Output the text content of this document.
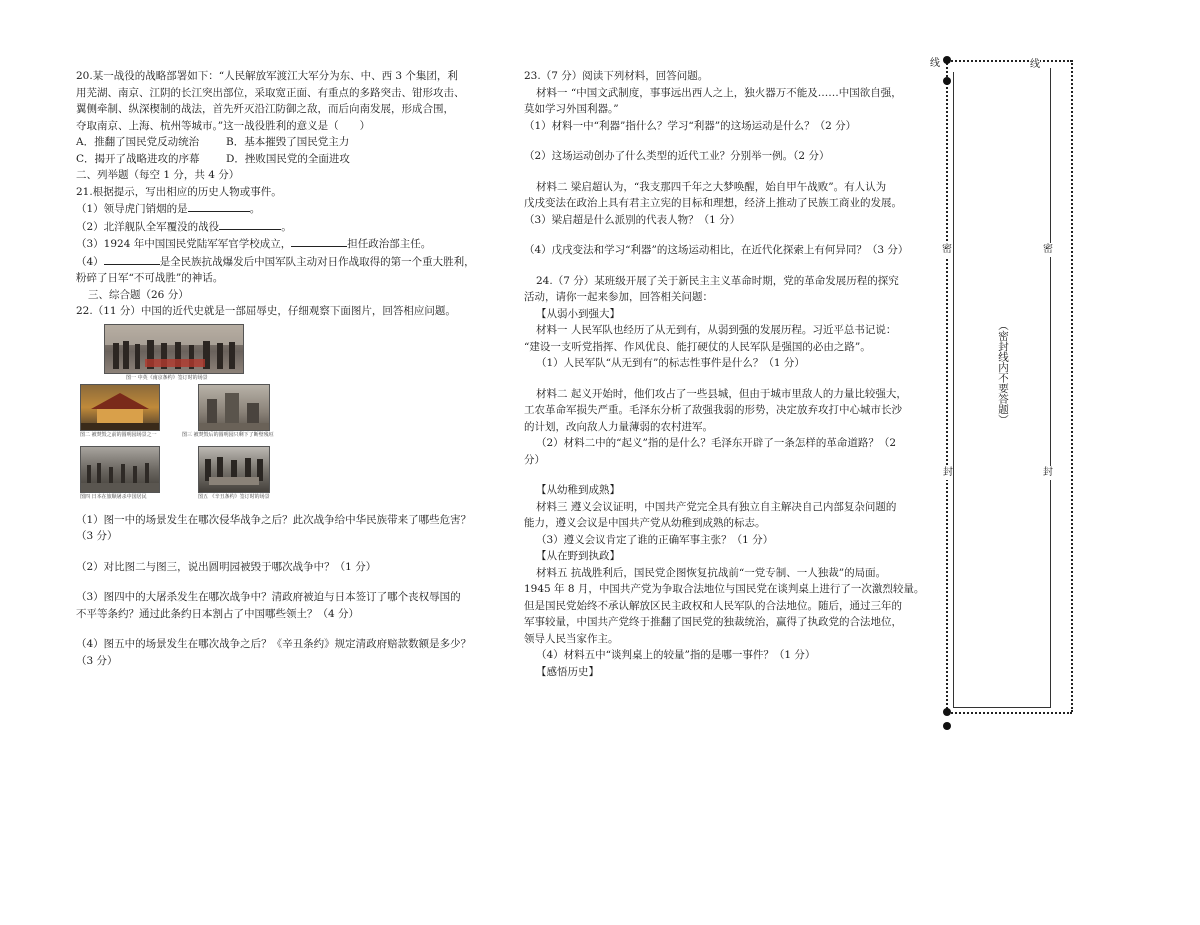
20.某一战役的战略部署如下：“人民解放军渡江大军分为东、中、西 3 个集团，利
用芜湖、南京、江阴的长江突出部位，采取宽正面、有重点的多路突击、钳形攻击、
翼侧牵制、纵深楔制的战法，首先歼灭沿江防御之敌，而后向南发展，形成合围，
夺取南京、上海、杭州等城市。”这一战役胜利的意义是（　　）
A．推翻了国民党反动统治	B．基本摧毁了国民党主力
C．揭开了战略进攻的序幕	D．挫败国民党的全面进攻
二、列举题（每空 1 分，共 4 分）
21.根据提示，写出相应的历史人物或事件。
（1）领导虎门销烟的是	。
（2）北洋舰队全军覆没的战役	。
（3）1924 年中国国民党陆军军官学校成立，	担任政治部主任。
（4）	是全民族抗战爆发后中国军队主动对日作战取得的第一个重大胜利，
粉碎了日军“不可战胜”的神话。
三、综合题（26 分）
22.（11 分）中国的近代史就是一部屈辱史，仔细观察下面图片，回答相应问题。
图一 中英《南京条约》签订时的场景
图二 被焚毁之前的圆明园场景之一	图三 被焚毁后的圆明园只剩下了断壁残垣
图四 日本在旅顺屠杀中国居民	图五 《辛丑条约》签订时的场景
（1）图一中的场景发生在哪次侵华战争之后？此次战争给中华民族带来了哪些危害？
（3 分）
（2）对比图二与图三，说出圆明园被毁于哪次战争中？（1 分）
（3）图四中的大屠杀发生在哪次战争中？清政府被迫与日本签订了哪个丧权辱国的
不平等条约？通过此条约日本割占了中国哪些领土？（4 分）
（4）图五中的场景发生在哪次战争之后？《辛丑条约》规定清政府赔款数额是多少？
（3 分）
23.（7 分）阅读下列材料，回答问题。
材料一 “中国文武制度，事事远出西人之上，独火器万不能及……中国欲自强，
莫如学习外国利器。”
（1）材料一中“利器”指什么？学习“利器”的这场运动是什么？（2 分）
（2）这场运动创办了什么类型的近代工业？分别举一例。（2 分）
材料二 梁启超认为，“我支那四千年之大梦唤醒，始自甲午战败”。有人认为
戊戌变法在政治上具有君主立宪的目标和理想，经济上推动了民族工商业的发展。
（3）梁启超是什么派别的代表人物？（1 分）
（4）戊戌变法和学习“利器”的这场运动相比，在近代化探索上有何异同？（3 分）
24.（7 分）某班级开展了关于新民主主义革命时期，党的革命发展历程的探究
活动，请你一起来参加，回答相关问题：
【从弱小到强大】
材料一 人民军队也经历了从无到有，从弱到强的发展历程。习近平总书记说：
“建设一支听党指挥、作风优良、能打硬仗的人民军队是强国的必由之路”。
（1）人民军队“从无到有”的标志性事件是什么？（1 分）
材料二 起义开始时，他们攻占了一些县城，但由于城市里敌人的力量比较强大，
工农革命军损失严重。毛泽东分析了敌强我弱的形势，决定放弃攻打中心城市长沙
的计划，改向敌人力量薄弱的农村进军。
（2）材料二中的“起义”指的是什么？毛泽东开辟了一条怎样的革命道路？（2
分）
【从幼稚到成熟】
材料三 遵义会议证明，中国共产党完全具有独立自主解决自己内部复杂问题的
能力，遵义会议是中国共产党从幼稚到成熟的标志。
（3）遵义会议肯定了谁的正确军事主张？（1 分）
【从在野到执政】
材料五 抗战胜利后，国民党企图恢复抗战前“一党专制、一人独裁”的局面。
1945 年 8 月，中国共产党为争取合法地位与国民党在谈判桌上进行了一次激烈较量。
但是国民党始终不承认解放区民主政权和人民军队的合法地位。随后，通过三年的
军事较量，中国共产党终于推翻了国民党的独裁统治，赢得了执政党的合法地位，
领导人民当家作主。
（4）材料五中“谈判桌上的较量”指的是哪一事件？（1 分）
【感悟历史】
线	线
密	密
封	封
（密封线内不要答题）
